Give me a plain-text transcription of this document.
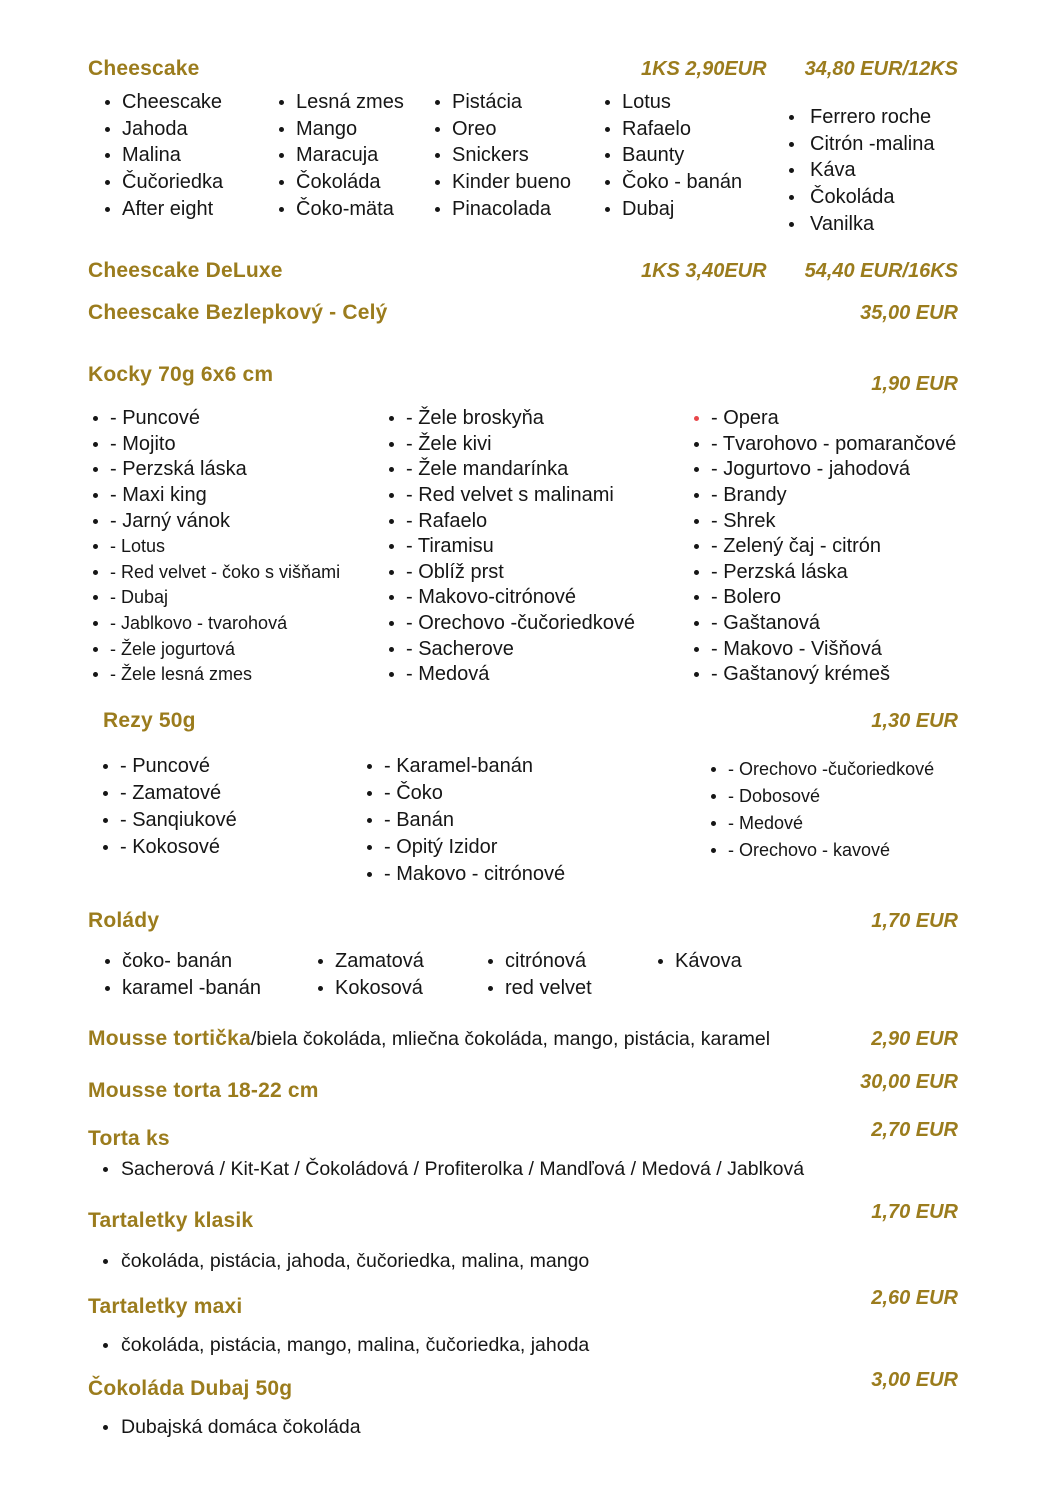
Cheescake	1KS 2,90EUR 34,80 EUR/12KS
Cheescake
Jahoda
Malina
Čučoriedka
After eight
Lesná zmes
Mango
Maracuja
Čokoláda
Čoko-mäta
Pistácia
Oreo
Snickers
Kinder bueno
Pinacolada
Lotus
Rafaelo
Baunty
Čoko - banán
Dubaj
Ferrero roche
Citrón -malina
Káva
Čokoláda
Vanilka
Cheescake DeLuxe	1KS 3,40EUR 54,40 EUR/16KS
Cheescake Bezlepkový - Celý	35,00 EUR
Kocky 70g 6x6 cm	1,90 EUR
- Puncové
- Mojito
- Perzská láska
- Maxi king
- Jarný vánok
- Lotus
- Red velvet - čoko s višňami
- Dubaj
- Jablkovo - tvarohová
- Žele jogurtová
- Žele lesná zmes
- Žele broskyňa
- Žele kivi
- Žele mandarínka
- Red velvet s malinami
- Rafaelo
- Tiramisu
- Oblíž prst
- Makovo-citrónové
- Orechovo -čučoriedkové
- Sacherove
- Medová
- Opera
- Tvarohovo - pomarančové
- Jogurtovo - jahodová
- Brandy
- Shrek
- Zelený čaj - citrón
- Perzská láska
- Bolero
- Gaštanová
- Makovo - Višňová
- Gaštanový krémeš
Rezy 50g	1,30 EUR
- Puncové
- Zamatové
- Sanqiukové
- Kokosové
- Karamel-banán
- Čoko
- Banán
- Opitý Izidor
- Makovo - citrónové
- Orechovo -čučoriedkové
- Dobosové
- Medové
- Orechovo - kavové
Rolády	1,70 EUR
čoko- banán
karamel -banán
Zamatová
Kokosová
citrónová
red velvet
Kávova
Mousse tortička /biela čokoláda, mliečna čokoláda, mango, pistácia, karamel	2,90 EUR
Mousse torta 18-22 cm	30,00 EUR
Torta ks	2,70 EUR
Sacherová / Kit-Kat / Čokoládová / Profiterolka / Mandľová / Medová / Jablková
Tartaletky klasik	1,70 EUR
čokoláda, pistácia, jahoda, čučoriedka, malina, mango
Tartaletky maxi	2,60 EUR
čokoláda, pistácia, mango, malina, čučoriedka, jahoda
Čokoláda Dubaj 50g	3,00 EUR
Dubajská domáca čokoláda
